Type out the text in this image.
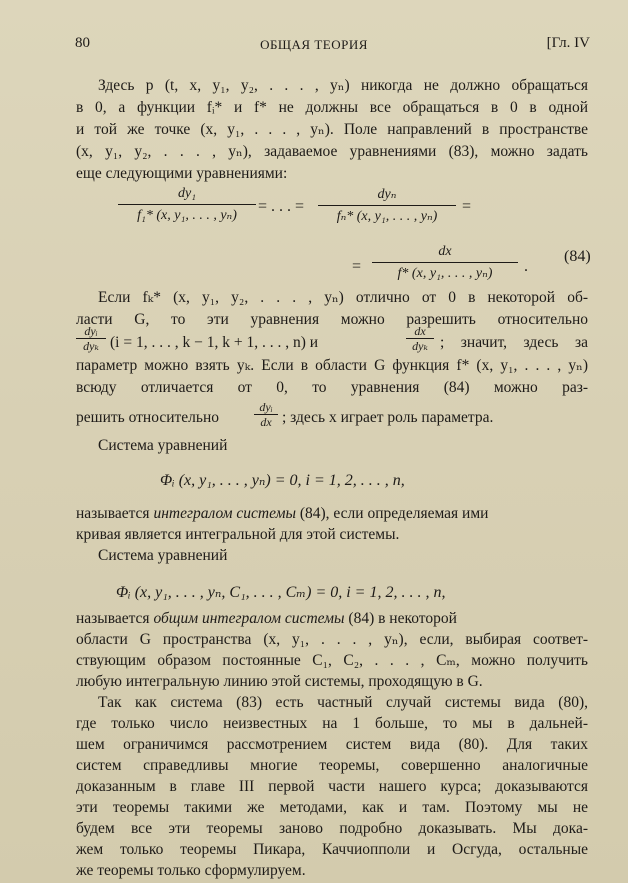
80	ОБЩАЯ ТЕОРИЯ	[Гл. IV
Здесь p (t, x, y₁, y₂, . . . , yₙ) никогда не должно обращаться
в 0, а функции fᵢ* и f* не должны все обращаться в 0 в одной
и той же точке (x, y₁, . . . , yₙ). Поле направлений в пространстве
(x, y₁, y₂, . . . , yₙ), задаваемое уравнениями (83), можно задать
еще следующими уравнениями:
dy₁
f₁* (x, y₁, . . . , yₙ)
= . . . =
dyₙ
fₙ* (x, y₁, . . . , yₙ)
=
=
dx
f* (x, y₁, . . . , yₙ)	.
(84)
Если fₖ* (x, y₁, y₂, . . . , yₙ) отлично от 0 в некоторой об-
ласти G, то эти уравнения можно разрешить относительно
dyᵢ
dyₖ (i = 1, . . . , k − 1, k + 1, . . . , n) и
dx
dyₖ ; значит, здесь за
параметр можно взять yₖ. Если в области G функция f* (x, y₁, . . . , yₙ)
всюду отличается от 0, то уравнения (84) можно раз-
решить относительно
dyᵢ
dx ; здесь x играет роль параметра.
Система уравнений
Φᵢ (x, y₁, . . . , yₙ) = 0, i = 1, 2, . . . , n,
называется интегралом системы (84), если определяемая ими
кривая является интегральной для этой системы.
Система уравнений
Φᵢ (x, y₁, . . . , yₙ, C₁, . . . , Cₘ) = 0, i = 1, 2, . . . , n,
называется общим интегралом системы (84) в некоторой
области G пространства (x, y₁, . . . , yₙ), если, выбирая соответ-
ствующим образом постоянные C₁, C₂, . . . , Cₘ, можно получить
любую интегральную линию этой системы, проходящую в G.
Так как система (83) есть частный случай системы вида (80),
где только число неизвестных на 1 больше, то мы в дальней-
шем ограничимся рассмотрением систем вида (80). Для таких
систем справедливы многие теоремы, совершенно аналогичные
доказанным в главе III первой части нашего курса; доказываются
эти теоремы такими же методами, как и там. Поэтому мы не
будем все эти теоремы заново подробно доказывать. Мы дока-
жем только теоремы Пикара, Каччиопполи и Осгуда, остальные
же теоремы только сформулируем.
